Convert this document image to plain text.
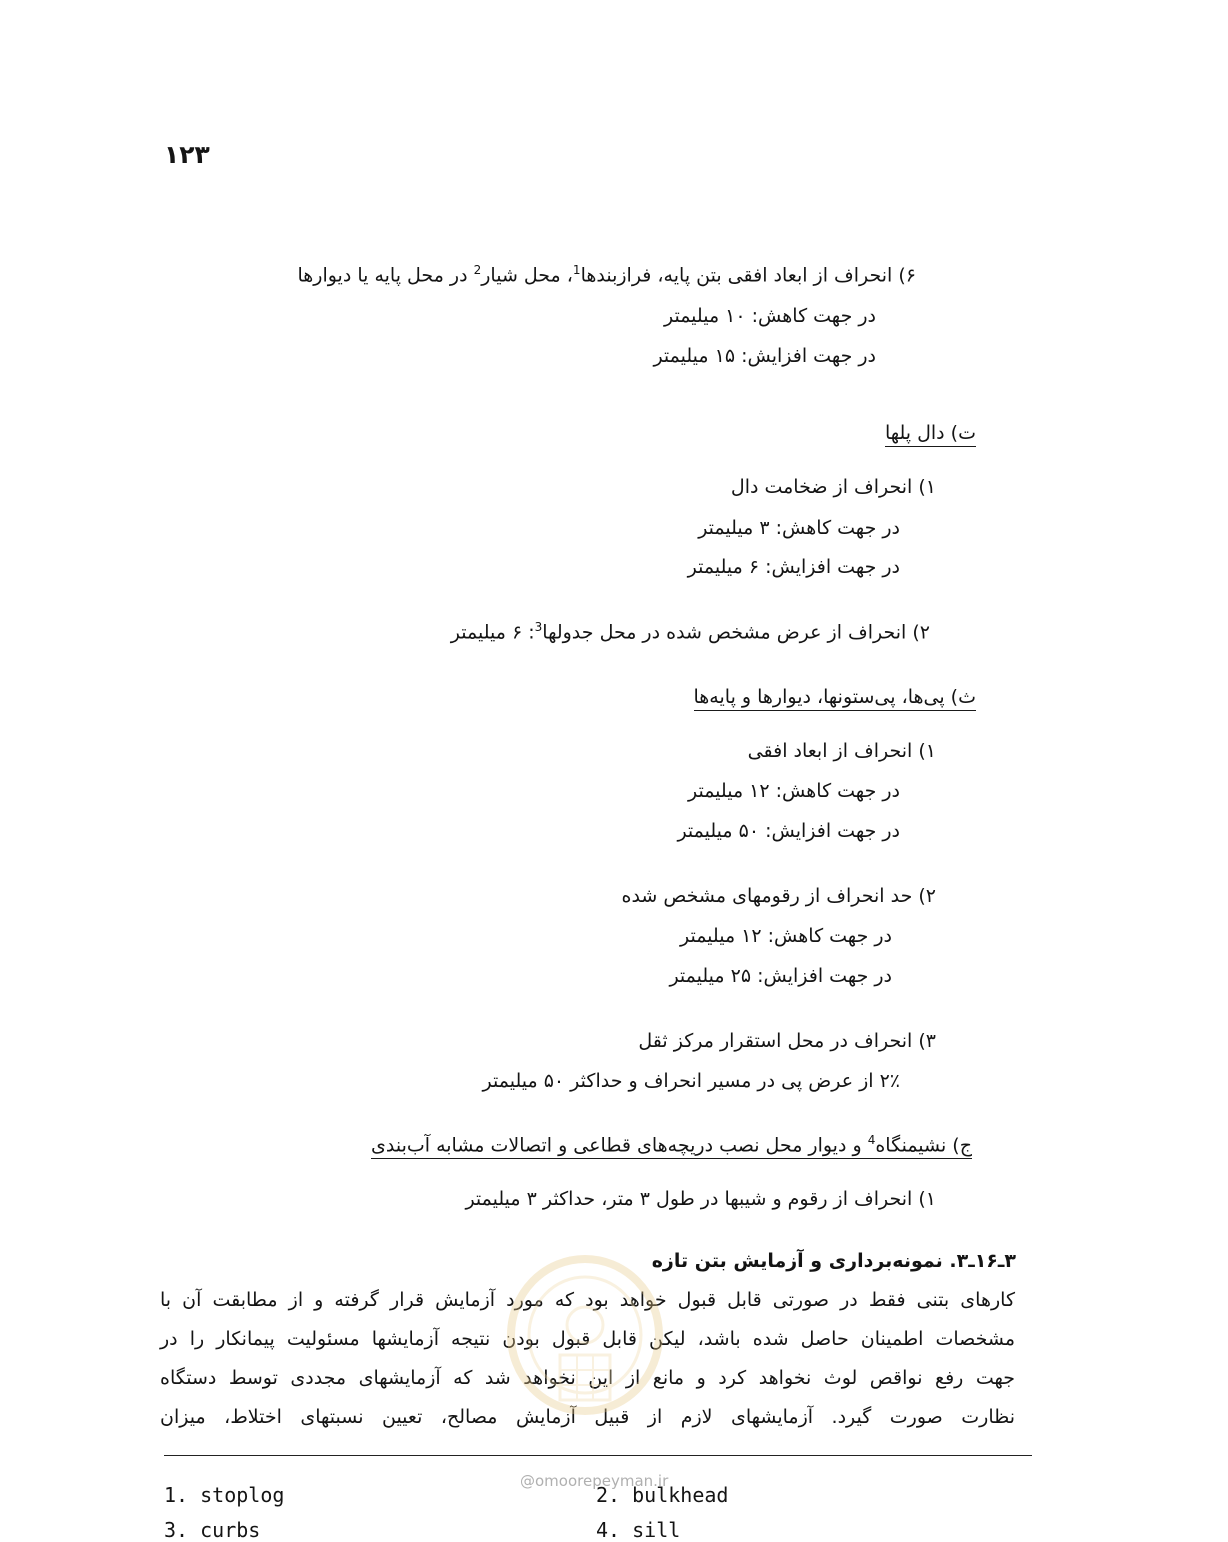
۱۲۳
۶) انحراف از ابعاد افقی بتن پایه، فرازبندها$^1$، محل شیار$^2$ در محل پایه یا دیوارها
در جهت کاهش: ۱۰ میلیمتر
در جهت افزایش: ۱۵ میلیمتر
ت) دال پلها
۱) انحراف از ضخامت دال
در جهت کاهش: ۳ میلیمتر
در جهت افزایش: ۶ میلیمتر
۲) انحراف از عرض مشخص شده در محل جدولها$^3$: ۶ میلیمتر
ث) پی‌ها، پی‌ستونها، دیوارها و پایه‌ها
۱) انحراف از ابعاد افقی
در جهت کاهش: ۱۲ میلیمتر
در جهت افزایش: ۵۰ میلیمتر
۲) حد انحراف از رقومهای مشخص شده
در جهت کاهش: ۱۲ میلیمتر
در جهت افزایش: ۲۵ میلیمتر
۳) انحراف در محل استقرار مرکز ثقل
۲٪ از عرض پی در مسیر انحراف و حداکثر ۵۰ میلیمتر
ج) نشیمنگاه$^4$ و دیوار محل نصب دریچه‌های قطاعی و اتصالات مشابه آب‌بندی
۱) انحراف از رقوم و شیبها در طول ۳ متر، حداکثر ۳ میلیمتر
۳ـ۱۶ـ۳. نمونه‌برداری و آزمایش بتن تازه
کارهای بتنی فقط در صورتی قابل قبول خواهد بود که مورد آزمایش قرار گرفته و از مطابقت آن با
مشخصات اطمینان حاصل شده باشد، لیکن قابل قبول بودن نتیجه آزمایشها مسئولیت پیمانکار را در
جهت رفع نواقص لوث نخواهد کرد و مانع از این نخواهد شد که آزمایشهای مجددی توسط دستگاه
نظارت صورت گیرد. آزمایشهای لازم از قبیل آزمایش مصالح، تعیین نسبتهای اختلاط، میزان
1. stoplog	2. bulkhead
3. curbs	4. sill
@omoorepeyman.ir
